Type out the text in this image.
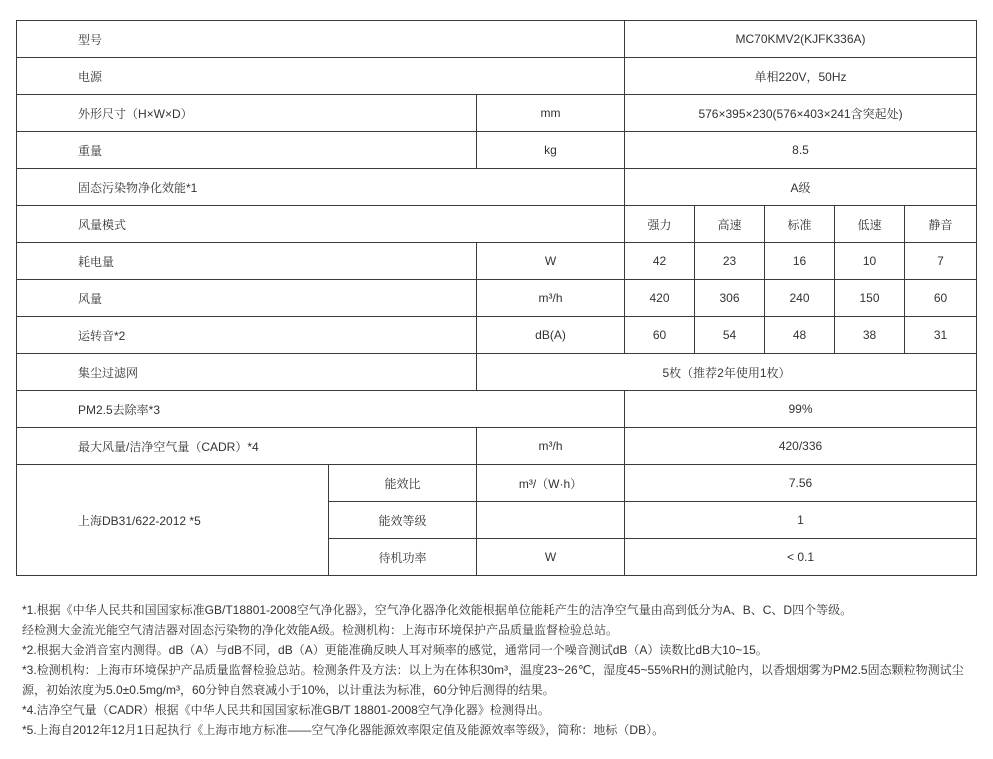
型号			MC70KMV2(KJFK336A)				
电源			单相220V，50Hz				
外形尺寸（H×W×D）		mm	576×395×230(576×403×241含突起处)				
重量		kg	8.5				
固态污染物净化效能*1			A级				
风量模式			强力	高速	标准	低速	静音
耗电量		W	42	23	16	10	7
风量		m³/h	420	306	240	150	60
运转音*2		dB(A)	60	54	48	38	31
集尘过滤网		5枚（推荐2年使用1枚）					
PM2.5去除率*3			99%				
最大风量/洁净空气量（CADR）*4		m³/h	420/336				
上海DB31/622-2012 *5	能效比	m³/（W·h）	7.56				
	能效等级		1				
	待机功率	W	< 0.1				

*1.根据《中华人民共和国国家标准GB/T18801-2008空气净化器》，空气净化器净化效能根据单位能耗产生的洁净空气量由高到低分为A、B、C、D四个等级。

经检测大金流光能空气清洁器对固态污染物的净化效能A级。检测机构：上海市环境保护产品质量监督检验总站。

*2.根据大金消音室内测得。dB（A）与dB不同，dB（A）更能准确反映人耳对频率的感觉，通常同一个噪音测试dB（A）读数比dB大10~15。

*3.检测机构：上海市环境保护产品质量监督检验总站。检测条件及方法：以上为在体积30m³，温度23~26℃，湿度45~55%RH的测试舱内，以香烟烟雾为PM2.5固态颗粒物测试尘源，初始浓度为5.0±0.5mg/m³，60分钟自然衰减小于10%，以计重法为标准，60分钟后测得的结果。

*4.洁净空气量（CADR）根据《中华人民共和国国家标准GB/T 18801-2008空气净化器》检测得出。

*5.上海自2012年12月1日起执行《上海市地方标准——空气净化器能源效率限定值及能源效率等级》，简称：地标（DB）。
